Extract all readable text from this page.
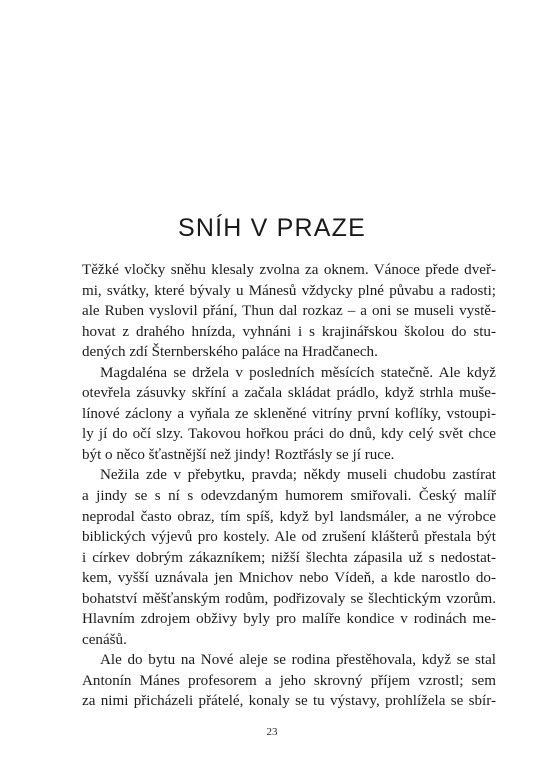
SNÍH V PRAZE
Těžké vločky sněhu klesaly zvolna za oknem. Vánoce přede dveř-
mi, svátky, které bývaly u Mánesů vždycky plné půvabu a radosti;
ale Ruben vyslovil přání, Thun dal rozkaz – a oni se museli vystě-
hovat z drahého hnízda, vyhnáni i s krajinářskou školou do stu-
dených zdí Šternberského paláce na Hradčanech.
Magdaléna se držela v posledních měsících statečně. Ale když
otevřela zásuvky skříní a začala skládat prádlo, když strhla muše-
línové záclony a vyňala ze skleněné vitríny první koflíky, vstoupi-
ly jí do očí slzy. Takovou hořkou práci do dnů, kdy celý svět chce
být o něco šťastnější než jindy! Roztřásly se jí ruce.
Nežila zde v přebytku, pravda; někdy museli chudobu zastírat
a jindy se s ní s odevzdaným humorem smiřovali. Český malíř
neprodal často obraz, tím spíš, když byl landsmáler, a ne výrobce
biblických výjevů pro kostely. Ale od zrušení klášterů přestala být
i církev dobrým zákazníkem; nižší šlechta zápasila už s nedostat-
kem, vyšší uznávala jen Mnichov nebo Vídeň, a kde narostlo do-
bohatství měšťanským rodům, podřizovaly se šlechtickým vzorům.
Hlavním zdrojem obživy byly pro malíře kondice v rodinách me-
cenášů.
Ale do bytu na Nové aleje se rodina přestěhovala, když se stal
Antonín Mánes profesorem a jeho skrovný příjem vzrostl; sem
za nimi přicházeli přátelé, konaly se tu výstavy, prohlížela se sbír-
23
